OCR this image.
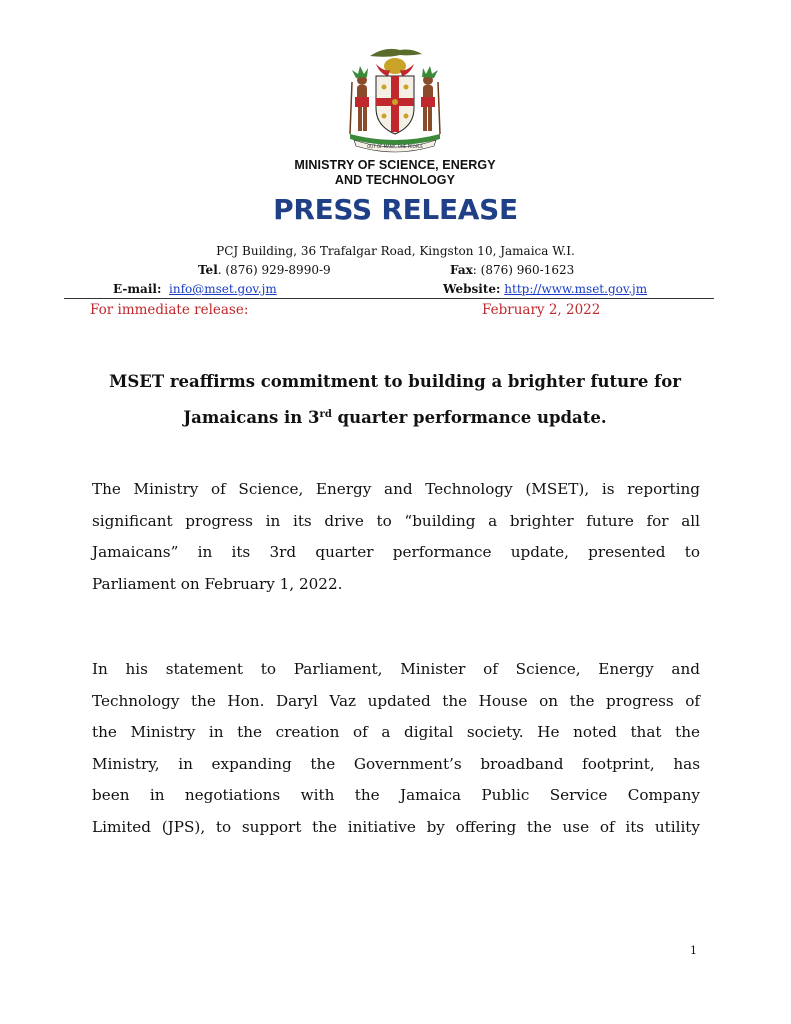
OUT OF MANY, ONE PEOPLE
MINISTRY OF SCIENCE, ENERGY
AND TECHNOLOGY
PRESS RELEASE
PCJ Building, 36 Trafalgar Road, Kingston 10, Jamaica W.I.
Tel. (876) 929-8990-9	Fax: (876) 960-1623
E-mail: info@mset.gov.jm	Website: http://www.mset.gov.jm
For immediate release:	February 2, 2022
MSET reaffirms commitment to building a brighter future for
Jamaicans in 3rd quarter performance update.
The Ministry of Science, Energy and Technology (MSET), is reporting
significant progress in its drive to “building a brighter future for all
Jamaicans” in its 3rd quarter performance update, presented to
Parliament on February 1, 2022.
In his statement to Parliament, Minister of Science, Energy and
Technology the Hon. Daryl Vaz updated the House on the progress of
the Ministry in the creation of a digital society. He noted that the
Ministry, in expanding the Government’s broadband footprint, has
been in negotiations with the Jamaica Public Service Company
Limited (JPS), to support the initiative by offering the use of its utility
1
